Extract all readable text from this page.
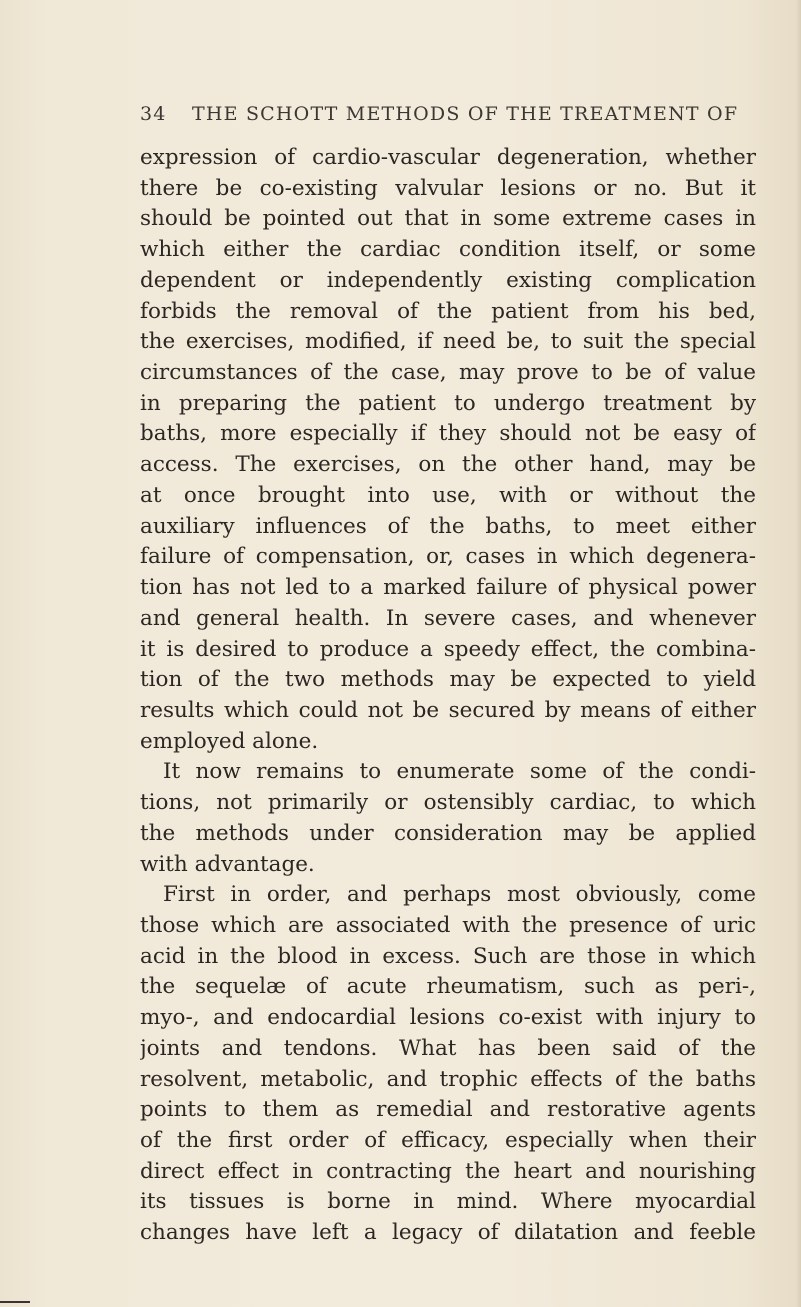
34 THE SCHOTT METHODS OF THE TREATMENT OF
expression of cardio-vascular degeneration, whether
there be co-existing valvular lesions or no. But it
should be pointed out that in some extreme cases in
which either the cardiac condition itself, or some
dependent or independently existing complication
forbids the removal of the patient from his bed,
the exercises, modified, if need be, to suit the special
circumstances of the case, may prove to be of value
in preparing the patient to undergo treatment by
baths, more especially if they should not be easy of
access. The exercises, on the other hand, may be
at once brought into use, with or without the
auxiliary influences of the baths, to meet either
failure of compensation, or, cases in which degenera-
tion has not led to a marked failure of physical power
and general health. In severe cases, and whenever
it is desired to produce a speedy effect, the combina-
tion of the two methods may be expected to yield
results which could not be secured by means of either
employed alone.
It now remains to enumerate some of the condi-
tions, not primarily or ostensibly cardiac, to which
the methods under consideration may be applied
with advantage.
First in order, and perhaps most obviously, come
those which are associated with the presence of uric
acid in the blood in excess. Such are those in which
the sequelæ of acute rheumatism, such as peri-,
myo-, and endocardial lesions co-exist with injury to
joints and tendons. What has been said of the
resolvent, metabolic, and trophic effects of the baths
points to them as remedial and restorative agents
of the first order of efficacy, especially when their
direct effect in contracting the heart and nourishing
its tissues is borne in mind. Where myocardial
changes have left a legacy of dilatation and feeble
